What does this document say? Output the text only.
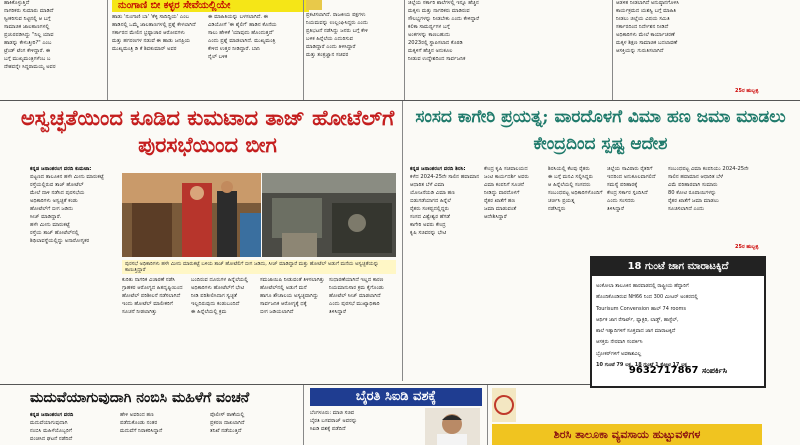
ಹಾಕಿಕೊಳ್ಳುತ್ತಿದೆ

ನಾಗರಿಕರು ಸುಮಾರು ಮಾಡಿದೆ

ಸ್ವೀಕರಿಸುವ ನಿಟ್ಟಿನಲ್ಲಿ ಆ ಬಗ್ಗೆ

ಸಾಮಾಜಿಕ ಜಾಲತಾಣಗಳಲ್ಲಿ

ಪ್ರಚುರಪಡಿಸಿದ್ದು "ನಿಲ್ಲ ಯಾವ

ಹಾಡನ್ನು ಕೇಳುತ್ತೀರಿ?" ಎಂಬ

ಟ್ರೆಂಡ್ ಟೆಂಗ ಕೇಳಿದ್ದಾರೆ. ಈ

ಬಗ್ಗೆ ಮುಖ್ಯಮಂತ್ರಿಗಳೆಂಬ ಬ

ದೇಶವನ್ನೇ ಸಿದ್ಧರಾಮಯ್ಯ ಅವರ

ನುಂಗಾಣಿ ಬೀ ಕಳ್ಳರ ಸೇವೆಯಲ್ಲಿಯೇ

ಹಾಡು 'ನುಂಗಾಣಿ ಬಾ' 'ಕೆಳ್ಳಿ ಸಾದಿದ್ದಿಯ' ಎಂಬ

ಹಾಡಿನಲ್ಲಿ ಒಮ್ಮೆ ಜಾಲತಾಣಗಳಲ್ಲಿ ಪ್ರಶ್ನೆ ಕೇಳಲಾಗಿದೆ

ಸರ್ಕಾರದ ಮೇಲಿನ ಭ್ರಷ್ಟಾಚಾರ ಆರೋಪಗಳು

ಮತ್ತು ಹಗರಣಗಳ ನಡುವೆ ಈ ಹಾಡು ಜನಪ್ರಿಯ

ಮುಖ್ಯಮಂತ್ರಿ ಡಿ ಕೆ ಶಿವಕುಮಾರ್ ಅವರ

ಈ ಮಾಹಿತಿಯನ್ನು ಬಳಸಲಾಗಿದೆ. ಈ

ವಿಡಿಯೋಗೆ 'ಈ ಶೈಲಿಗೆ' ಹಾಡಿನ ಕೊನೆಯ

ಸಾಲು ಹೇಳಿಕೆ 'ಯಾವುದು ಹೊಂದುತ್ತದೆ'

ಎಂದು ಪ್ರಶ್ನೆ ಮಾಡಲಾಗಿದೆ. ಮುಖ್ಯಮಂತ್ರಿ

ಕೇಳಿದ ಉತ್ತರ ನೀಡಿದ್ದಾರೆ. ಬಾನಿ

ನೈಲ್ ಬಳಿಕ

ಪ್ರಕಟಿಸಲಾಗಿದೆ. ರಾಜಕೀಯ ಪಕ್ಷಗಳು

ನಿಯಮವನ್ನು ಉಲ್ಲಂಘಿಸಿದ್ದರು ಎಂದು

ಪ್ರತಿಭಟನೆ ನಡೆಸಿದ್ದು ಜನರು ಬಗ್ಗೆ ಕೇಳಿ

ಬಳಿಕ ಹಿನ್ನೆಲೆಯ ಎದುರಿಸುವ

ಮಾಡಿದ್ದಾರೆ ಎಂದು ತಿಳಿಸಿದ್ದಾರೆ

ಮತ್ತು ತಂತ್ರಜ್ಞಾನ ಸಚಿವರ

ಜಿಲ್ಲೆಯ ಸರ್ಕಾರಿ ಶಾಲೆಗಳಲ್ಲಿ ಇನ್ನೂ ಹೆಚ್ಚಿನ

ಮಕ್ಕಳು ಮತ್ತು ನಾಗರಿಕರು ಮಾಡಿರುವ

ಸೌಲಭ್ಯಗಳನ್ನು ನೀಡಬೇಕು ಎಂದು ಕೇಳಿದ್ದಾರೆ

ಕಲಿಕಾ ಸಾಮರ್ಥ್ಯಗಳ ಬಗ್ಗೆ

ಅಂಕಗಳನ್ನು ಕಾಣಬಹುದು

2023ರಲ್ಲಿ ಸ್ಥಾಪಿಸಲಾದ ಕೊಠಡಿ

ಮಕ್ಕಳಿಗೆ ಹೆಚ್ಚಿನ ಅನುಕೂಲ

ನೀಡುವ ಉದ್ದೇಶದಿಂದ ಸಾರ್ವಜನಿಕ

ಆಡಳಿತ ನೀಡಲಾಗಿದೆ ಅನುಷ್ಠಾನಗೊಳಿಸಿ

ಕಾರ್ಯಕ್ರಮದ ಯಶಸ್ವಿ ಬಗ್ಗೆ ಮಾಹಿತಿ

ನೀಡಲು ಜಿಲ್ಲೆಯ ವಿಷಯ ಸಮಿತಿ

ಸರ್ಕಾರದಿಂದ ನಿರ್ದೇಶನ ನೀಡಿದೆ

ಅಧಿಕಾರಿಗಳು ಮೇಲೆ ಕಾರ್ಯಾಚರಣೆ

ಮಕ್ಕಳ ಶಿಕ್ಷಣ ಸಾಮಾಜಿಕ ಬದಲಾವಣೆ

ಆಸಕ್ತಿಯನ್ನು ಗುರುತಿಸಲಾಗಿದೆ

25ರ ಹುಬ್ಬಳ್ಳಿ
ಅಸ್ವಚ್ಛತೆಯಿಂದ ಕೂಡಿದ ಕುಮಟಾದ ತಾಜ್ ಹೋಟೆಲ್‌ಗೆ ಪುರಸಭೆಯಿಂದ ಬೀಗ

ಕನ್ನಡ ಜನಾಂತರಂಗ ವರದಿ ಕುಮಟಾ:

ಪಟ್ಟಣದ ತಾಲೂಕಿನ ಹಳೇ ಮೀನು ಮಾರುಕಟ್ಟೆ

ರಸ್ತೆಯಲ್ಲಿರುವ ತಾಜ್ ಹೋಟೆಲ್

ಮೇಲೆ ದಾಳಿ ನಡೆಸಿದ ಪುರಸಭೆಯ

ಅಧಿಕಾರಿಗಳು ಅಸ್ವಚ್ಛತೆ ಕಂಡು

ಹೋಟೆಲ್‌ಗೆ ಬೀಗ ಜಡಿದು

ಸೀಜ್ ಮಾಡಿದ್ದಾರೆ.

ಹಳೇ ಮೀನು ಮಾರುಕಟ್ಟೆ

ರಸ್ತೆಯ ತಾಜ್ ಹೋಟೆಲ್‌ನಲ್ಲಿ

ಶಿಥಿಲಾವಸ್ಥೆಯಲ್ಲಿದ್ದು ಅನಾರೋಗ್ಯಕರ

ಪುರಸಭೆ ಅಧಿಕಾರಿಗಳು ಹಳೇ ಮೀನು ಮಾರುಕಟ್ಟೆ ಬಳಿಯ ತಾಜ್ ಹೋಟೆಲಿಗೆ ಬೀಗ ಜಡಿದು, ಸೀಜ್ ಮಾಡಿದ್ದಾರೆ ಮತ್ತು ಹೋಟೆಲ್ ಅಡುಗೆ ಮನೆಯ ಅಸ್ವಚ್ಛತೆಯನ್ನು ಕಾಣುತ್ತಿದ್ದಾರೆ

ಕುರಿತು ನಾಗರಿಕ ವಿಚಾರಣೆ ನಡೆಸಿ

ಗ್ರಾಹಕರ ಆರೋಗ್ಯದ ಹಿತದೃಷ್ಟಿಯಿಂದ

ಹೋಟೆಲ್ ಪರಿಶೀಲನೆ ನಡೆಸಲಾಗಿದೆ

ಇಂದು ಹೋಟೆಲ್ ಮಾಲೀಕರಿಗೆ

ಸೂಚನೆ ನೀಡಲಾಗಿತ್ತು

ಬಂದಿರುವ ದೂರುಗಳ ಹಿನ್ನೆಲೆಯಲ್ಲಿ

ಅಧಿಕಾರಿಗಳು ಹೋಟೆಲ್‌ಗೆ ಭೇಟಿ

ನೀಡಿ ಪರಿಶೀಲಿಸಿದಾಗ ಸ್ವಚ್ಛತೆ

ಇಲ್ಲದಿರುವುದು ಕಂಡುಬಂದಿದೆ

ಈ ಹಿನ್ನೆಲೆಯಲ್ಲಿ ಕ್ರಮ

ಸಮಜಾಯಿಷಿ ನೀಡುವಂತೆ ತಿಳಿಸಲಾಗಿತ್ತು

ಹೋಟೆಲ್‌ನಲ್ಲಿ ಅಡುಗೆ ಮನೆ

ಹಾಗೂ ಶೌಚಾಲಯ ಅಸ್ವಚ್ಛವಾಗಿದ್ದು

ಸಾರ್ವಜನಿಕ ಆರೋಗ್ಯಕ್ಕೆ ಧಕ್ಕೆ

ಬೀಗ ಜಡಿಯಲಾಗಿದೆ

ಸುಧಾರಣೆಯಾಗಿದೆ ಇಲ್ಲದ ಕಾರಣ

ನಿಯಮಾನುಸಾರ ಕ್ರಮ ಕೈಗೊಂಡು

ಹೋಟೆಲ್ ಸೀಜ್ ಮಾಡಲಾಗಿದೆ

ಎಂದು ಪುರಸಭೆ ಮುಖ್ಯಾಧಿಕಾರಿ

ತಿಳಿಸಿದ್ದಾರೆ

ಸಂಸದ ಕಾಗೇರಿ ಪ್ರಯತ್ನ; ವಾರದೊಳಗೆ ವಿಮಾ ಹಣ ಜಮಾ ಮಾಡಲು ಕೇಂದ್ರದಿಂದ ಸ್ಪಷ್ಟ ಆದೇಶ

ಕನ್ನಡ ಜನಾಂತರಂಗ ವರದಿ ಶಿರಸಿ:

ಕಳೆದ 2024-25ನೇ ಸಾಲಿನ ಹವಾಮಾನ

ಆಧಾರಿತ ಬೆಳೆ ವಿಮಾ

ಯೋಜನೆಯಡಿ ವಿಮಾ ಹಣ

ಬಿಡುಗಡೆಯಾಗದ ಹಿನ್ನೆಲೆ

ರೈತರು ಸಂಕಷ್ಟದಲ್ಲಿದ್ದರು

ಸಂಸದ ವಿಶ್ವೇಶ್ವರ ಹೆಗಡೆ

ಕಾಗೇರಿ ಅವರು ಕೇಂದ್ರ

ಕೃಷಿ ಸಚಿವರನ್ನು ಭೇಟಿ

ಕೇಂದ್ರ ಕೃಷಿ ಸಚಿವಾಲಯದ

ಜಂಟಿ ಕಾರ್ಯದರ್ಶಿ ಅವರು

ವಿಮಾ ಕಂಪನಿಗೆ ಸೂಚನೆ

ನೀಡಿದ್ದು ವಾರದೊಳಗೆ

ರೈತರ ಖಾತೆಗೆ ಹಣ

ಜಮಾ ಮಾಡುವಂತೆ

ಆದೇಶಿಸಿದ್ದಾರೆ

ಶಿರಸಿಯಲ್ಲಿ ಕೆಲವು ರೈತರು

ಈ ಬಗ್ಗೆ ಮನವಿ ಸಲ್ಲಿಸಿದ್ದರು

ಆ ಹಿನ್ನೆಲೆಯಲ್ಲಿ ಸಂಸದರು

ಸಂಬಂಧಪಟ್ಟ ಅಧಿಕಾರಿಗಳೊಂದಿಗೆ

ಚರ್ಚಿಸಿ ಪ್ರಯತ್ನ

ನಡೆಸಿದ್ದರು

ಜಿಲ್ಲೆಯ ಸಾವಿರಾರು ರೈತರಿಗೆ

ಇದರಿಂದ ಅನುಕೂಲವಾಗಲಿದೆ

ಸಮಸ್ಯೆ ಪರಿಹಾರಕ್ಕೆ

ಕೇಂದ್ರ ಸರ್ಕಾರ ಸ್ಪಂದಿಸಿದೆ

ಎಂದು ಸಂಸದರು

ತಿಳಿಸಿದ್ದಾರೆ

ಸಂಬಂಧಪಟ್ಟ ವಿಮಾ ಕಂಪನಿಯು 2024-25ನೇ

ಸಾಲಿನ ಹವಾಮಾನ ಆಧಾರಿತ ಬೆಳೆ

ವಿಮೆ ಪರಿಹಾರವಾಗಿ ಸುಮಾರು

80 ಕೋಟಿ ರೂಪಾಯಿಗಳನ್ನು

ರೈತರ ಖಾತೆಗೆ ಜಮಾ ಮಾಡಲು

ಸೂಚಿಸಲಾಗಿದೆ ಎಂದು

25ರ ಹುಬ್ಬಳ್ಳಿ
18 ಗುಂಟೆ ಜಾಗ ಮಾರಾಟಕ್ಕಿದೆ

ಅಂಕೋಲಾ ತಾಲೂಕಿನ ಹಾರವಾಡದಲ್ಲಿ ರಾಷ್ಟ್ರೀಯ ಹೆದ್ದಾರಿಗೆ

ಹೊಂದಿಕೊಂಡಿರುವ NH66 ನಿಂದ 300 ಮೀಟರ್ ಅಂತರದಲ್ಲಿ

Tourisum Convension ಹಾಲ್ 74 rooms

ಆರ್ಥಿಕ ಜಾಗ ರೆಸಾರ್ಟ್, ಫ್ಯಾಕ್ಟರಿ, ಲಾಡ್ಜ್, ಹಾಸ್ಟೆಲ್,

ಶಾಲೆ ಇತ್ಯಾದಿಗಳಿಗೆ ಸೂಕ್ತವಾದ ಜಾಗ ಮಾರಾಟಕ್ಕಿದೆ

ಆಸಕ್ತರು ನೇರವಾಗಿ ಸಂಪರ್ಕಿಸಿ

ಬ್ರೋಕರ್‌ಗಳಿಗೆ ಅವಕಾಶವಿಲ್ಲ

10 ಗುಂಟೆ 79 ಲಕ್ಷ, 18 ಗುಂಟೆ 1 ಕೋಟಿ 17 ಲಕ್ಷ
9632717867 ಸಂಪರ್ಕಿಸಿ
ಮದುವೆಯಾಗುವುದಾಗಿ ನಂಬಿಸಿ ಮಹಿಳೆಗೆ ವಂಚನೆ

ಕನ್ನಡ ಜನಾಂತರಂಗ ವರದಿ

ಮದುವೆಯಾಗುವುದಾಗಿ

ನಂಬಿಸಿ ಮಹಿಳೆಯೊಬ್ಬರಿಗೆ

ವಂಚಿಸಿದ ಘಟನೆ ನಡೆದಿದೆ

ಹೇಳಿ ಅವರಿಂದ ಹಣ

ಪಡೆದುಕೊಂಡು ನಂತರ

ಮದುವೆಗೆ ನಿರಾಕರಿಸಿದ್ದಾನೆ

ಪೊಲೀಸ್ ಠಾಣೆಯಲ್ಲಿ

ಪ್ರಕರಣ ದಾಖಲಾಗಿದೆ

ತನಿಖೆ ನಡೆಯುತ್ತಿದೆ

ಬೈರತಿ ಸಿಐಡಿ ವಶಕ್ಕೆ

ಬೆಂಗಳೂರು: ಮಾಜಿ ಸಚಿವ

ಬೈರತಿ ಬಸವರಾಜ್ ಅವರನ್ನು

ಸಿಐಡಿ ವಶಕ್ಕೆ ಪಡೆದಿದೆ	ಶಿರಸಿ ತಾಲೂಕಾ ವ್ಯವಸಾಯ ಹುಟ್ಟುವಳಿಗಳ
